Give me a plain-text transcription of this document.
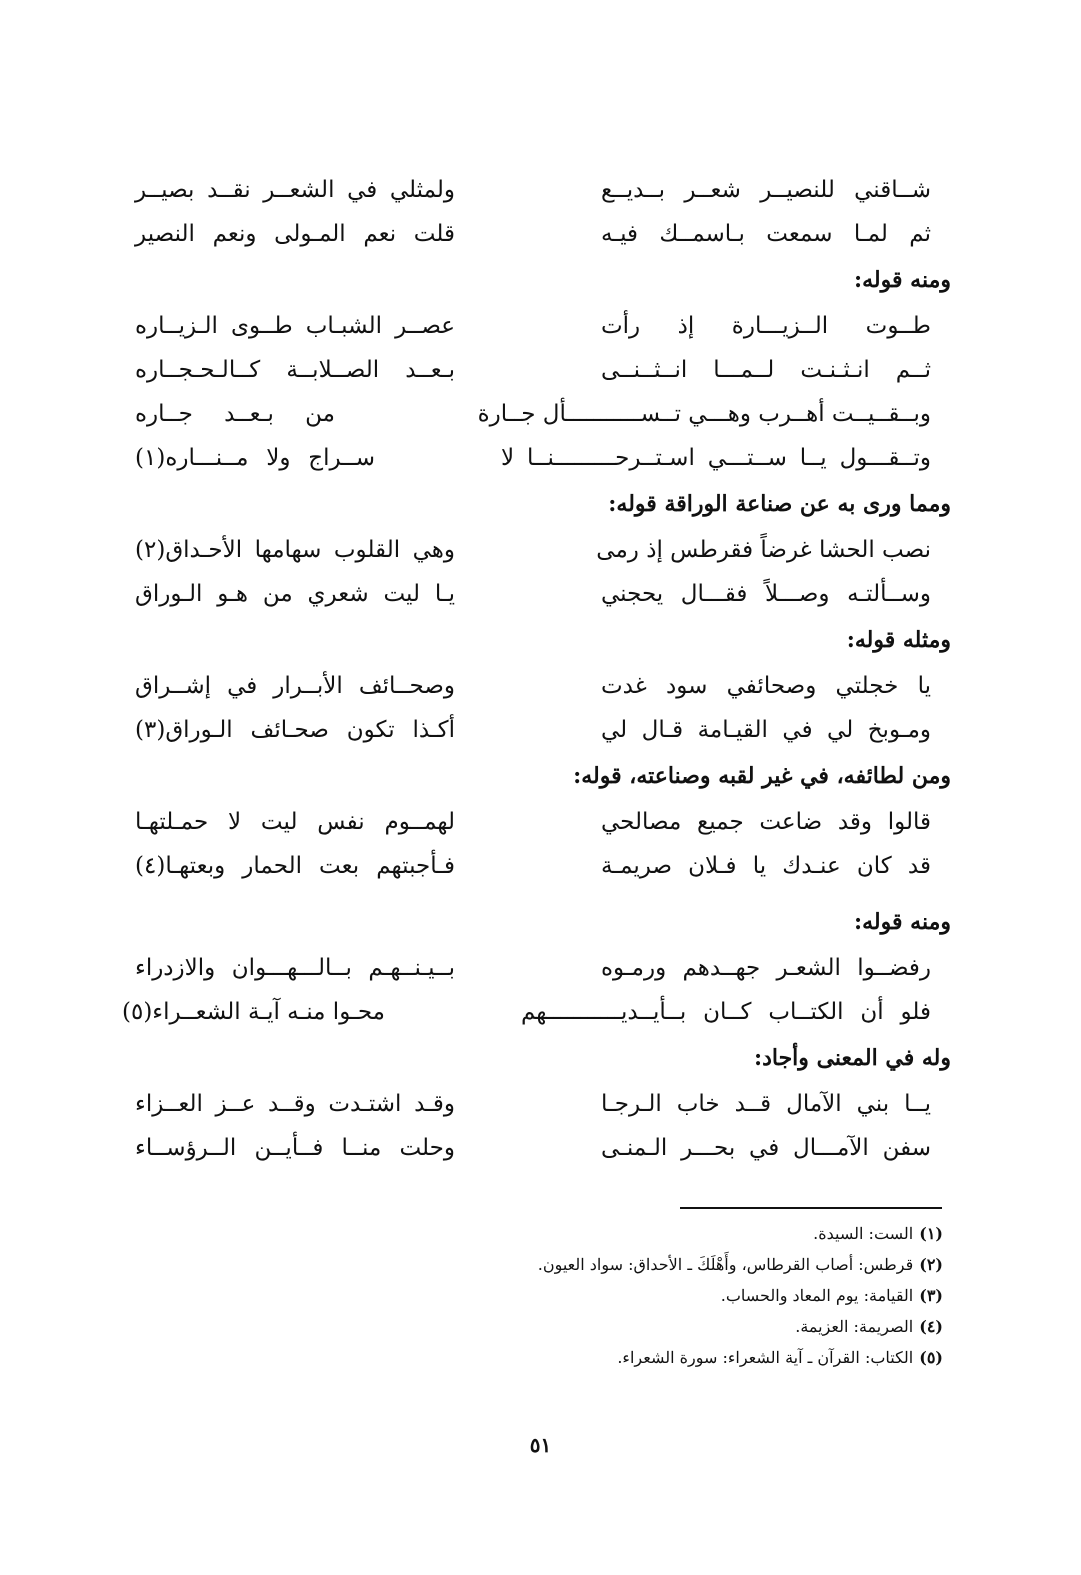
شــاقني للنصيــر شعــر بــديــع
ولمثلي في الشعــر نقــد بصيــر
ثم لمـا سمعت بـاسمــك فيـه
قلت نعم المـولى ونعم النصير
ومنه قوله:
طــوت الــزيـــارة إذ رأت
عصــر الشبـاب طــوى الـزيــاره
ثــم انـثـنـت لــمـــا انــثــنــى
بـعــد الصــلابــة كــالـحـجــاره
وبــقــيــت أهــرب وهـــي تــســـــــــــأل جــارة
من بـعــد جــاره
وتــقـــول يــا ســتـــي اسـتــرحـــــــــنــا لا
ســراج ولا مــنـــاره(١)
ومما ورى به عن صناعة الوراقة قوله:
نصب الحشا غرضاً فقرطس إذ رمى
وهي القلوب سهامها الأحـداق(٢)
وســألتـه وصـــلاً فقـــال يحجني
يـا ليت شعري من هـو الـوراق
ومثله قوله:
يا خجلتي وصحائفي سود غدت
وصحــائف الأبــرار في إشــراق
ومـوبخ لي في القيـامة قـال لي
أكـذا تكون صحـائف الـوراق(٣)
ومن لطائفه، في غير لقبه وصناعته، قوله:
قالوا وقد ضاعت جميع مصالحي
لهمــوم نفس ليت لا حمـلتهـا
قد كان عنـدك يا فـلان صريمـة
فـأجبتهم بعت الحمار وبعتهـا(٤)
ومنه قوله:
رفضــوا الشعـر جهــدهم ورمـوه
بــيـنــهـم بــالـــهـــوان والازدراء
فلو أن الكتــاب كــان بــأيــديـــــــــــهم
محـوا منـه آيـة الشعــراء(٥)
وله في المعنى وأجاد:
يــا بني الآمال قــد خاب الـرجـا
وقـد اشتـدت وقــد عــز العــزاء
سفن الآمـــال في بحـــر الـمنـى
وحلت منــا فــأيــن الــرؤســاء
(١)الست: السيدة.
(٢)قرطس: أصاب القرطاس، وأَهْلَكَ ـ الأحداق: سواد العيون.
(٣)القيامة: يوم المعاد والحساب.
(٤)الصريمة: العزيمة.
(٥)الكتاب: القرآن ـ آية الشعراء: سورة الشعراء.
٥١
